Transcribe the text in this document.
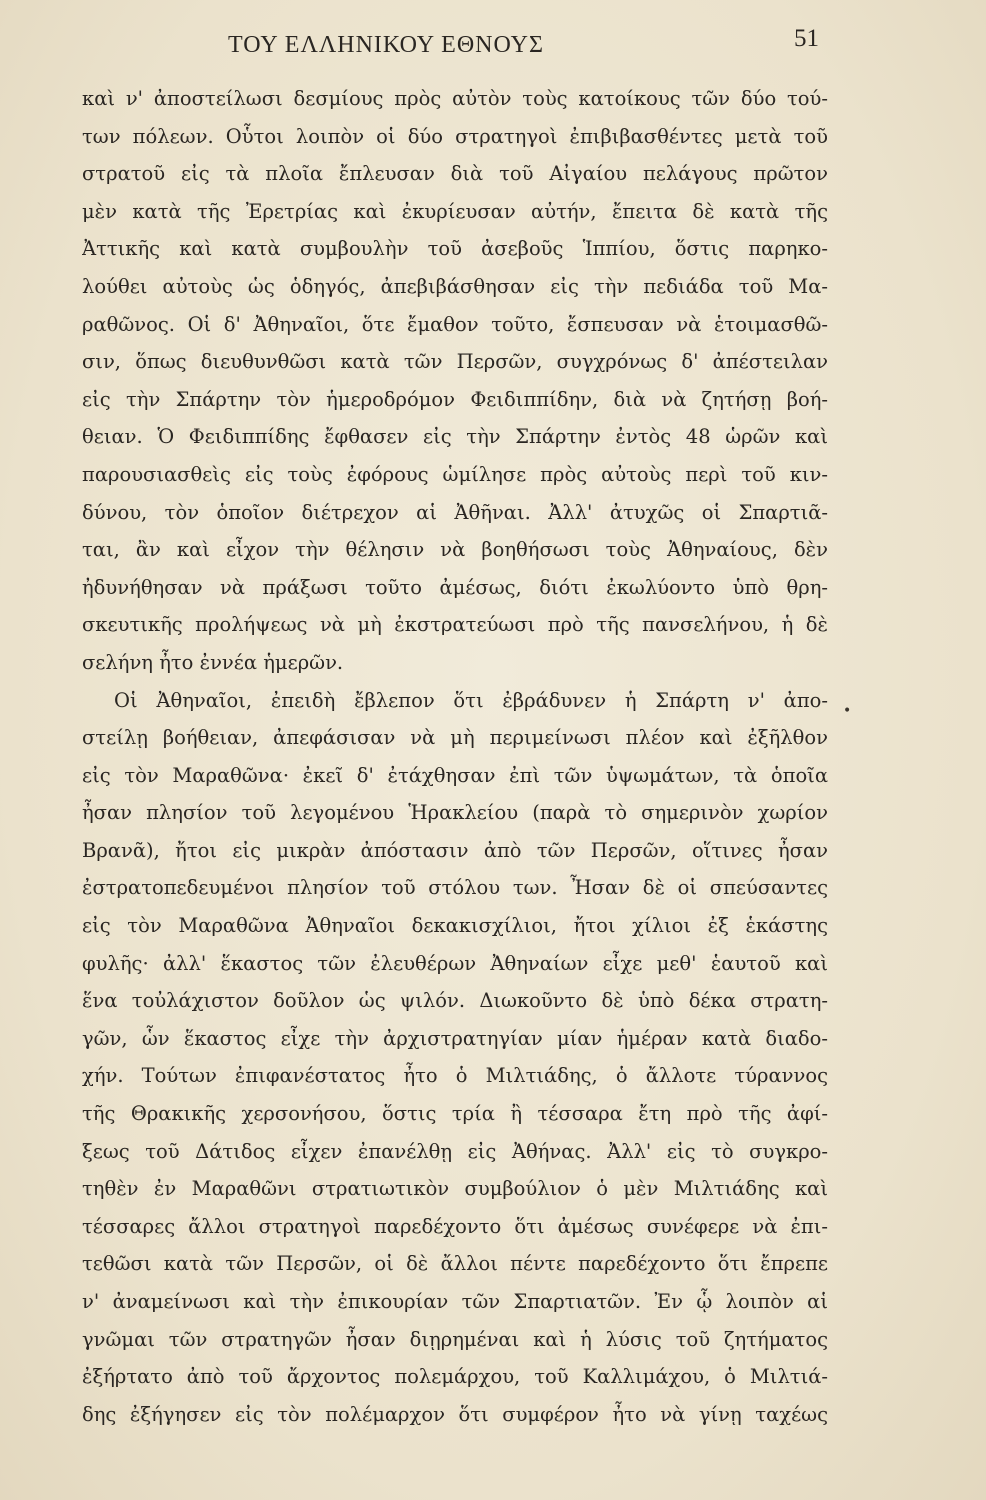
ΤΟΥ ΕΛΛΗΝΙΚΟΥ ΕΘΝΟΥΣ	51
καὶ ν' ἀποστείλωσι δεσμίους πρὸς αὐτὸν τοὺς κατοίκους τῶν δύο τού-
των πόλεων. Οὗτοι λοιπὸν οἱ δύο στρατηγοὶ ἐπιβιβασθέντες μετὰ τοῦ
στρατοῦ εἰς τὰ πλοῖα ἔπλευσαν διὰ τοῦ Αἰγαίου πελάγους πρῶτον
μὲν κατὰ τῆς Ἐρετρίας καὶ ἐκυρίευσαν αὐτήν, ἔπειτα δὲ κατὰ τῆς
Ἀττικῆς καὶ κατὰ συμβουλὴν τοῦ ἀσεβοῦς Ἱππίου, ὅστις παρηκο-
λούθει αὐτοὺς ὡς ὁδηγός, ἀπεβιβάσθησαν εἰς τὴν πεδιάδα τοῦ Μα-
ραθῶνος. Οἱ δ' Ἀθηναῖοι, ὅτε ἔμαθον τοῦτο, ἔσπευσαν νὰ ἑτοιμασθῶ-
σιν, ὅπως διευθυνθῶσι κατὰ τῶν Περσῶν, συγχρόνως δ' ἀπέστειλαν
εἰς τὴν Σπάρτην τὸν ἡμεροδρόμον Φειδιππίδην, διὰ νὰ ζητήσῃ βοή-
θειαν. Ὁ Φειδιππίδης ἔφθασεν εἰς τὴν Σπάρτην ἐντὸς 48 ὡρῶν καὶ
παρουσιασθεὶς εἰς τοὺς ἐφόρους ὡμίλησε πρὸς αὐτοὺς περὶ τοῦ κιν-
δύνου, τὸν ὁποῖον διέτρεχον αἱ Ἀθῆναι. Ἀλλ' ἀτυχῶς οἱ Σπαρτιᾶ-
ται, ἂν καὶ εἶχον τὴν θέλησιν νὰ βοηθήσωσι τοὺς Ἀθηναίους, δὲν
ἠδυνήθησαν νὰ πράξωσι τοῦτο ἀμέσως, διότι ἐκωλύοντο ὑπὸ θρη-
σκευτικῆς προλήψεως νὰ μὴ ἐκστρατεύωσι πρὸ τῆς πανσελήνου, ἡ δὲ
σελήνη ἦτο ἐννέα ἡμερῶν.
Οἱ Ἀθηναῖοι, ἐπειδὴ ἔβλεπον ὅτι ἐβράδυνεν ἡ Σπάρτη ν' ἀπο-
στείλῃ βοήθειαν, ἀπεφάσισαν νὰ μὴ περιμείνωσι πλέον καὶ ἐξῆλθον
εἰς τὸν Μαραθῶνα· ἐκεῖ δ' ἐτάχθησαν ἐπὶ τῶν ὑψωμάτων, τὰ ὁποῖα
ἦσαν πλησίον τοῦ λεγομένου Ἡρακλείου (παρὰ τὸ σημερινὸν χωρίον
Βρανᾶ), ἤτοι εἰς μικρὰν ἀπόστασιν ἀπὸ τῶν Περσῶν, οἵτινες ἦσαν
ἐστρατοπεδευμένοι πλησίον τοῦ στόλου των. Ἦσαν δὲ οἱ σπεύσαντες
εἰς τὸν Μαραθῶνα Ἀθηναῖοι δεκακισχίλιοι, ἤτοι χίλιοι ἐξ ἑκάστης
φυλῆς· ἀλλ' ἕκαστος τῶν ἐλευθέρων Ἀθηναίων εἶχε μεθ' ἑαυτοῦ καὶ
ἕνα τοὐλάχιστον δοῦλον ὡς ψιλόν. Διωκοῦντο δὲ ὑπὸ δέκα στρατη-
γῶν, ὧν ἕκαστος εἶχε τὴν ἀρχιστρατηγίαν μίαν ἡμέραν κατὰ διαδο-
χήν. Τούτων ἐπιφανέστατος ἦτο ὁ Μιλτιάδης, ὁ ἄλλοτε τύραννος
τῆς Θρακικῆς χερσονήσου, ὅστις τρία ἢ τέσσαρα ἔτη πρὸ τῆς ἀφί-
ξεως τοῦ Δάτιδος εἶχεν ἐπανέλθῃ εἰς Ἀθήνας. Ἀλλ' εἰς τὸ συγκρο-
τηθὲν ἐν Μαραθῶνι στρατιωτικὸν συμβούλιον ὁ μὲν Μιλτιάδης καὶ
τέσσαρες ἄλλοι στρατηγοὶ παρεδέχοντο ὅτι ἀμέσως συνέφερε νὰ ἐπι-
τεθῶσι κατὰ τῶν Περσῶν, οἱ δὲ ἄλλοι πέντε παρεδέχοντο ὅτι ἔπρεπε
ν' ἀναμείνωσι καὶ τὴν ἐπικουρίαν τῶν Σπαρτιατῶν. Ἐν ᾧ λοιπὸν αἱ
γνῶμαι τῶν στρατηγῶν ἦσαν διῃρημέναι καὶ ἡ λύσις τοῦ ζητήματος
ἐξήρτατο ἀπὸ τοῦ ἄρχοντος πολεμάρχου, τοῦ Καλλιμάχου, ὁ Μιλτιά-
δης ἐξήγησεν εἰς τὸν πολέμαρχον ὅτι συμφέρον ἦτο νὰ γίνῃ ταχέως
•
